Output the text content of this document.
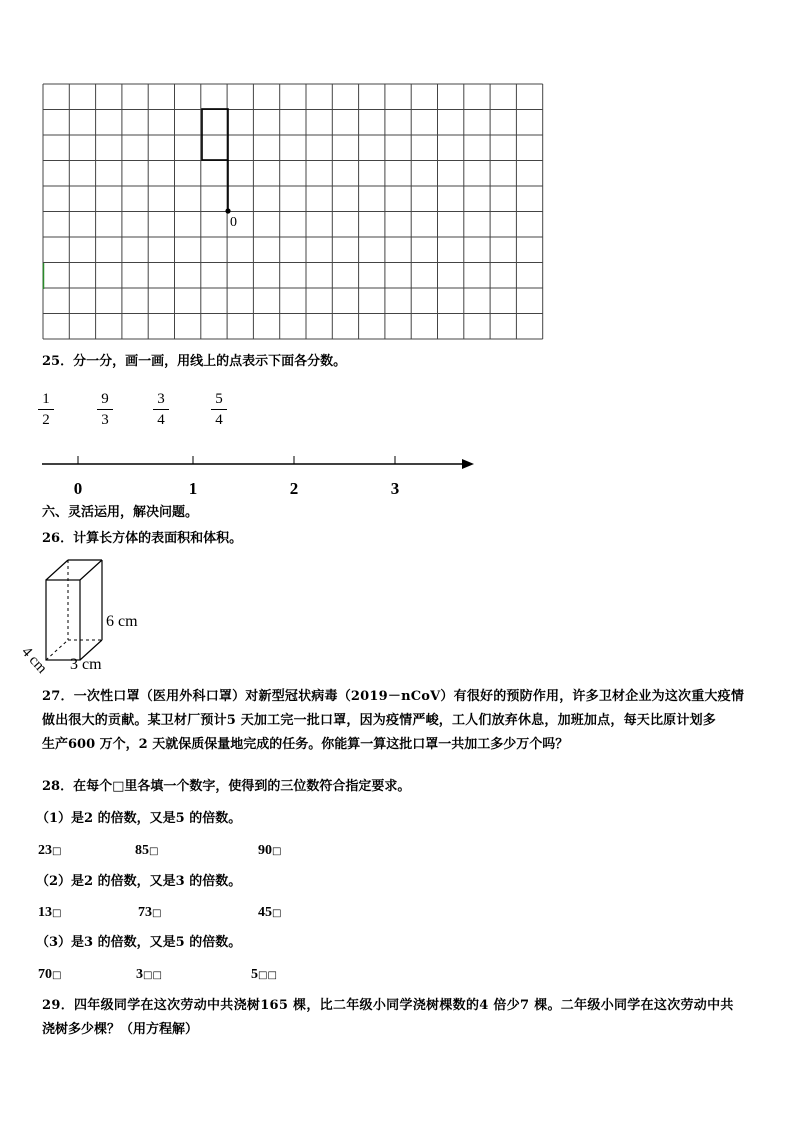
0
25．分一分，画一画，用线上的点表示下面各分数。
1
2
9
3
3
4
5
4
0	1	2	3
六、灵活运用，解决问题。
26．计算长方体的表面积和体积。
6 cm
3 cm
4 cm
27．一次性口罩（医用外科口罩）对新型冠状病毒（2019－nCoV）有很好的预防作用，许多卫材企业为这次重大疫情
做出很大的贡献。某卫材厂预计5 天加工完一批口罩，因为疫情严峻，工人们放弃休息，加班加点，每天比原计划多
生产600 万个，2 天就保质保量地完成的任务。你能算一算这批口罩一共加工多少万个吗？
28．在每个□里各填一个数字，使得到的三位数符合指定要求。
（1）是2 的倍数，又是5 的倍数。
23□	85□	90□
（2）是2 的倍数，又是3 的倍数。
13□	73□	45□
（3）是3 的倍数，又是5 的倍数。
70□	3□□	5□□
29．四年级同学在这次劳动中共浇树165 棵，比二年级小同学浇树棵数的4 倍少7 棵。二年级小同学在这次劳动中共
浇树多少棵？（用方程解）
